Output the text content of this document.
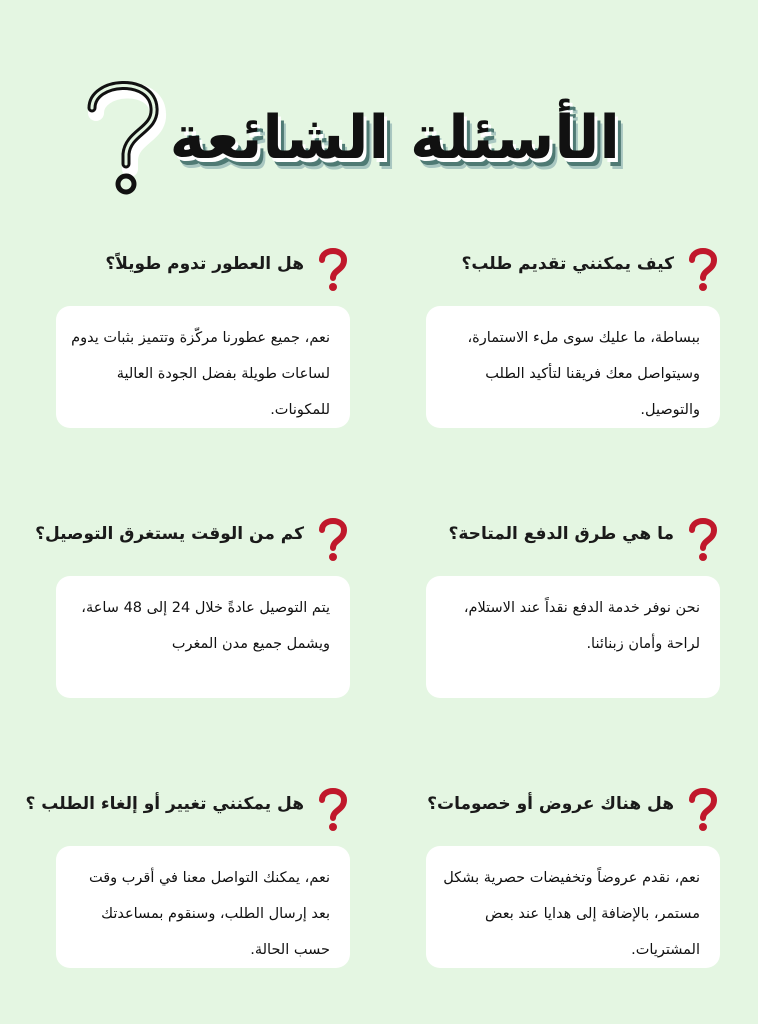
الأسئلة الشائعة
كيف يمكنني تقديم طلب؟
ببساطة، ما عليك سوى ملء الاستمارة، وسيتواصل معك فريقنا لتأكيد الطلب والتوصيل.
هل العطور تدوم طويلاً؟
نعم، جميع عطورنا مركّزة وتتميز بثبات يدوم لساعات طويلة بفضل الجودة العالية للمكونات.
ما هي طرق الدفع المتاحة؟
نحن نوفر خدمة الدفع نقداً عند الاستلام، لراحة وأمان زبنائنا.
كم من الوقت يستغرق التوصيل؟
يتم التوصيل عادةً خلال 24 إلى 48 ساعة، ويشمل جميع مدن المغرب
هل هناك عروض أو خصومات؟
نعم، نقدم عروضاً وتخفيضات حصرية بشكل مستمر، بالإضافة إلى هدايا عند بعض المشتريات.
هل يمكنني تغيير أو إلغاء الطلب ؟
نعم، يمكنك التواصل معنا في أقرب وقت بعد إرسال الطلب، وسنقوم بمساعدتك حسب الحالة.
